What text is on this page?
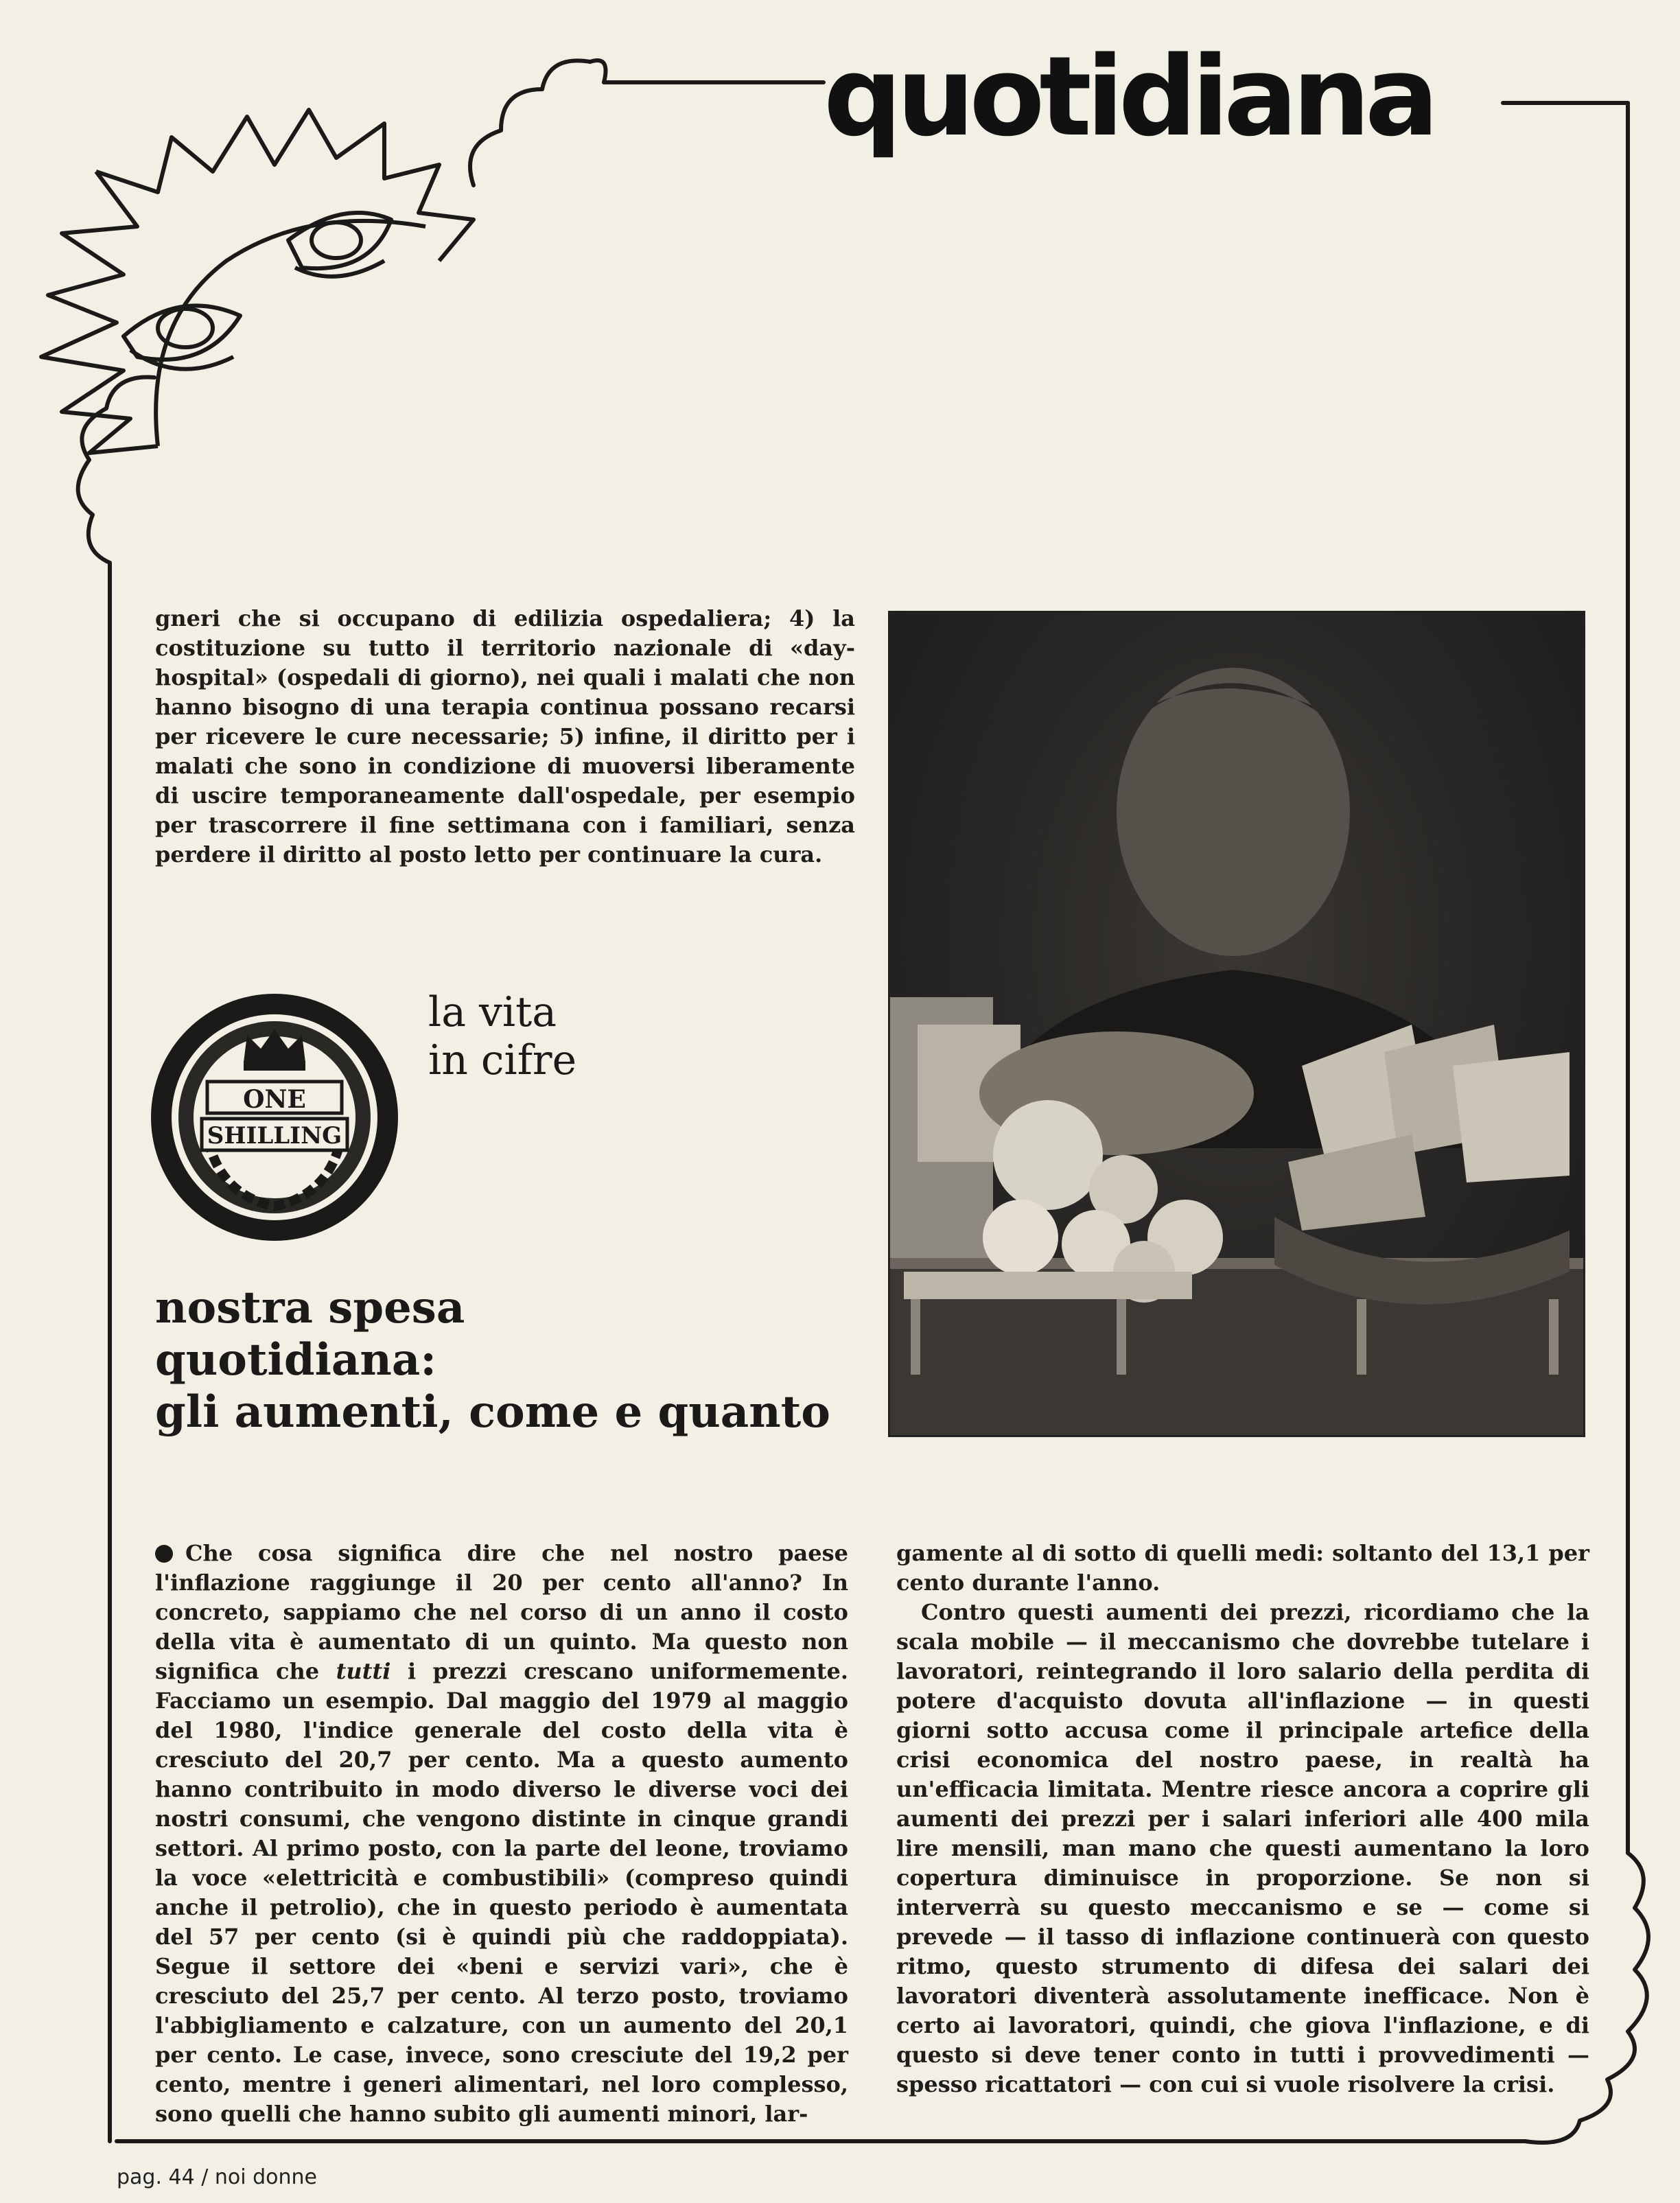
quotidiana

gneri che si occupano di edilizia ospedaliera; 4) la costituzione su tutto il territorio nazionale di «day-hospital» (ospedali di giorno), nei quali i malati che non hanno bisogno di una terapia continua possano recarsi per ricevere le cure necessarie; 5) infine, il diritto per i malati che sono in condizione di muoversi liberamente di uscire temporaneamente dall'ospedale, per esempio per trascorrere il fine settimana con i familiari, senza perdere il diritto al posto letto per continuare la cura.

ONE
SHILLING
la vita
in cifre
nostra spesa
quotidiana:
gli aumenti, come e quanto

Che cosa significa dire che nel nostro paese l'inflazione raggiunge il 20 per cento all'anno? In concreto, sappiamo che nel corso di un anno il costo della vita è aumentato di un quinto. Ma questo non significa che tutti i prezzi crescano uniformemente. Facciamo un esempio. Dal maggio del 1979 al maggio del 1980, l'indice generale del costo della vita è cresciuto del 20,7 per cento. Ma a questo aumento hanno contribuito in modo diverso le diverse voci dei nostri consumi, che vengono distinte in cinque grandi settori. Al primo posto, con la parte del leone, troviamo la voce «elettricità e combustibili» (compreso quindi anche il petrolio), che in questo periodo è aumentata del 57 per cento (si è quindi più che raddoppiata). Segue il settore dei «beni e servizi vari», che è cresciuto del 25,7 per cento. Al terzo posto, troviamo l'abbigliamento e calzature, con un aumento del 20,1 per cento. Le case, invece, sono cresciute del 19,2 per cento, mentre i generi alimentari, nel loro complesso, sono quelli che hanno subito gli aumenti minori, lar-

gamente al di sotto di quelli medi: soltanto del 13,1 per cento durante l'anno.

Contro questi aumenti dei prezzi, ricordiamo che la scala mobile — il meccanismo che dovrebbe tutelare i lavoratori, reintegrando il loro salario della perdita di potere d'acquisto dovuta all'inflazione — in questi giorni sotto accusa come il principale artefice della crisi economica del nostro paese, in realtà ha un'efficacia limitata. Mentre riesce ancora a coprire gli aumenti dei prezzi per i salari inferiori alle 400 mila lire mensili, man mano che questi aumentano la loro copertura diminuisce in proporzione. Se non si interverrà su questo meccanismo e se — come si prevede — il tasso di inflazione continuerà con questo ritmo, questo strumento di difesa dei salari dei lavoratori diventerà assolutamente inefficace. Non è certo ai lavoratori, quindi, che giova l'inflazione, e di questo si deve tener conto in tutti i provvedimenti — spesso ricattatori — con cui si vuole risolvere la crisi.

pag. 44 / noi donne
